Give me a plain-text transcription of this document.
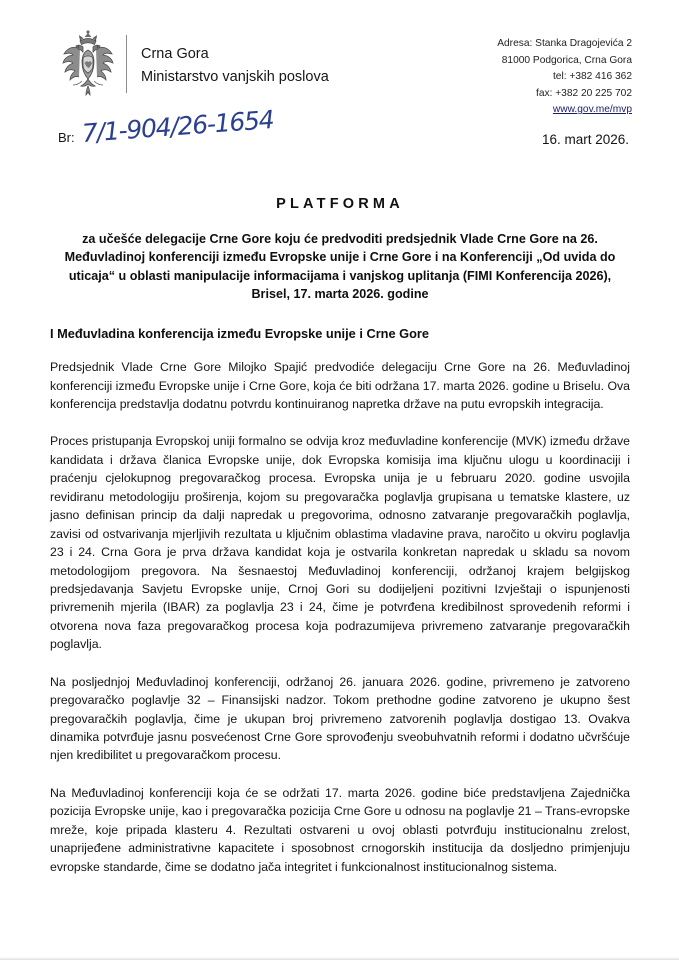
Crna Gora
Ministarstvo vanjskih poslova
Adresa: Stanka Dragojevića 2
81000 Podgorica, Crna Gora
tel: +382 416 362
fax: +382 20 225 702
www.gov.me/mvp
Br: 7/1-904/26-1654	16. mart 2026.
PLATFORMA

za učešće delegacije Crne Gore koju će predvoditi predsjednik Vlade Crne Gore na 26. Međuvladinoj konferenciji između Evropske unije i Crne Gore i na Konferenciji „Od uvida do uticaja“ u oblasti manipulacije informacijama i vanjskog uplitanja (FIMI Konferencija 2026), Brisel, 17. marta 2026. godine

I Međuvladina konferencija između Evropske unije i Crne Gore

Predsjednik Vlade Crne Gore Milojko Spajić predvodiće delegaciju Crne Gore na 26. Međuvladinoj konferenciji između Evropske unije i Crne Gore, koja će biti održana 17. marta 2026. godine u Briselu. Ova konferencija predstavlja dodatnu potvrdu kontinuiranog napretka države na putu evropskih integracija.

Proces pristupanja Evropskoj uniji formalno se odvija kroz međuvladine konferencije (MVK) između države kandidata i država članica Evropske unije, dok Evropska komisija ima ključnu ulogu u koordinaciji i praćenju cjelokupnog pregovaračkog procesa. Evropska unija je u februaru 2020. godine usvojila revidiranu metodologiju proširenja, kojom su pregovaračka poglavlja grupisana u tematske klastere, uz jasno definisan princip da dalji napredak u pregovorima, odnosno zatvaranje pregovaračkih poglavlja, zavisi od ostvarivanja mjerljivih rezultata u ključnim oblastima vladavine prava, naročito u okviru poglavlja 23 i 24. Crna Gora je prva država kandidat koja je ostvarila konkretan napredak u skladu sa novom metodologijom pregovora. Na šesnaestoj Međuvladinoj konferenciji, održanoj krajem belgijskog predsjedavanja Savjetu Evropske unije, Crnoj Gori su dodijeljeni pozitivni Izvještaji o ispunjenosti privremenih mjerila (IBAR) za poglavlja 23 i 24, čime je potvrđena kredibilnost sprovedenih reformi i otvorena nova faza pregovaračkog procesa koja podrazumijeva privremeno zatvaranje pregovaračkih poglavlja.

Na posljednjoj Međuvladinoj konferenciji, održanoj 26. januara 2026. godine, privremeno je zatvoreno pregovaračko poglavlje 32 – Finansijski nadzor. Tokom prethodne godine zatvoreno je ukupno šest pregovaračkih poglavlja, čime je ukupan broj privremeno zatvorenih poglavlja dostigao 13. Ovakva dinamika potvrđuje jasnu posvećenost Crne Gore sprovođenju sveobuhvatnih reformi i dodatno učvršćuje njen kredibilitet u pregovaračkom procesu.

Na Međuvladinoj konferenciji koja će se održati 17. marta 2026. godine biće predstavljena Zajednička pozicija Evropske unije, kao i pregovaračka pozicija Crne Gore u odnosu na poglavlje 21 – Trans-evropske mreže, koje pripada klasteru 4. Rezultati ostvareni u ovoj oblasti potvrđuju institucionalnu zrelost, unaprijeđene administrativne kapacitete i sposobnost crnogorskih institucija da dosljedno primjenjuju evropske standarde, čime se dodatno jača integritet i funkcionalnost institucionalnog sistema.
